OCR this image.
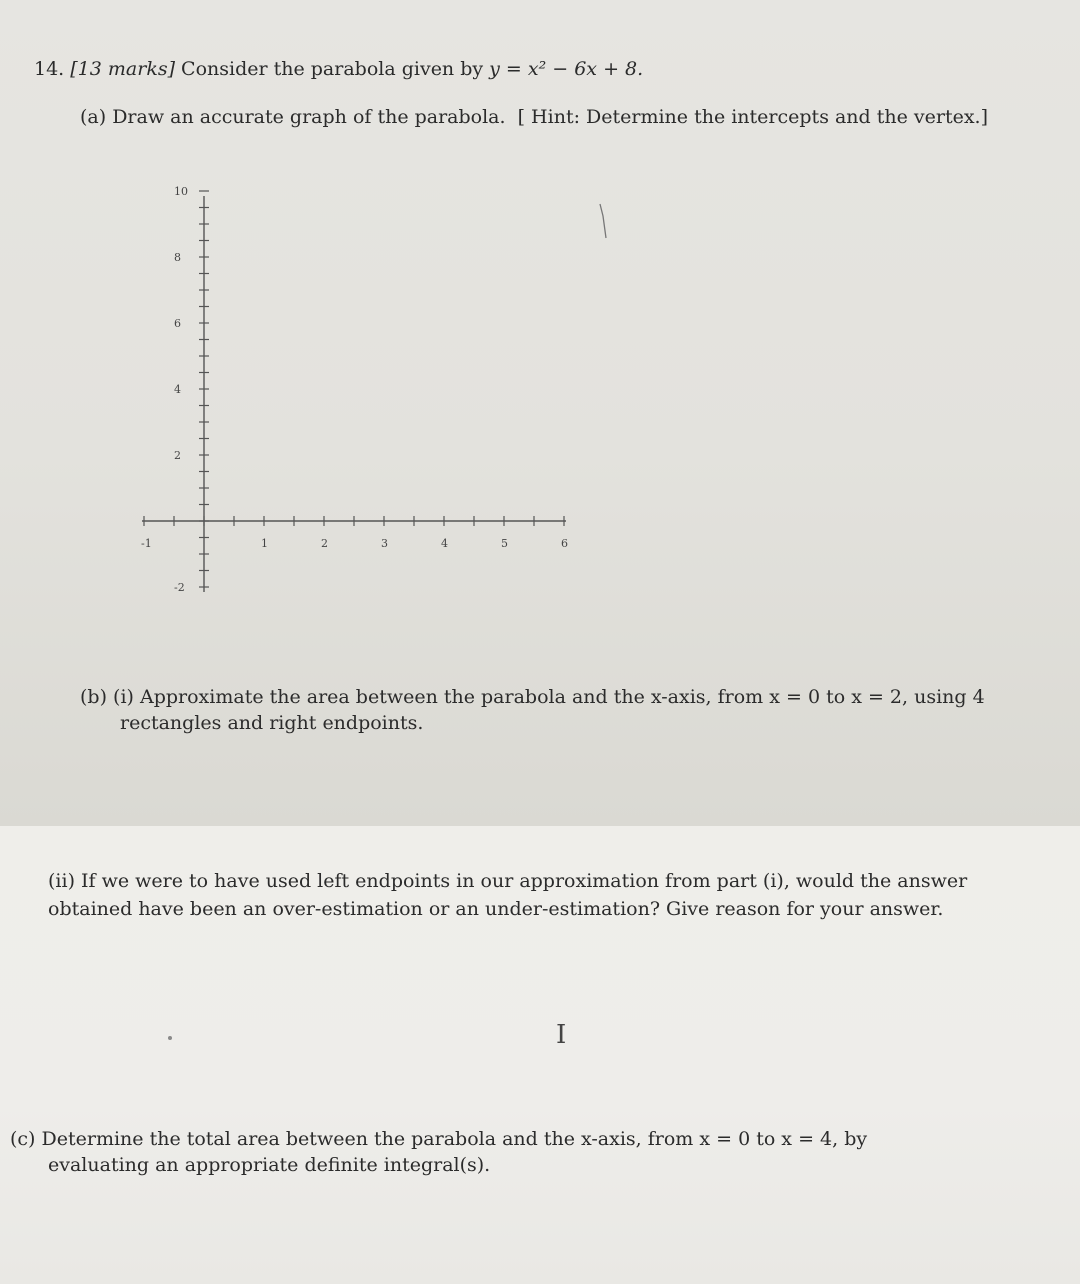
14. [13 marks] Consider the parabola given by y = x² − 6x + 8.
(a) Draw an accurate graph of the parabola. [ Hint: Determine the intercepts and the vertex.]
-1	1	2	3	4	5	6
10
8
6
4
2
-2
(b) (i) Approximate the area between the parabola and the x-axis, from x = 0 to x = 2, using 4
rectangles and right endpoints.
(ii) If we were to have used left endpoints in our approximation from part (i), would the answer
obtained have been an over-estimation or an under-estimation? Give reason for your answer.
I
(c) Determine the total area between the parabola and the x-axis, from x = 0 to x = 4, by
evaluating an appropriate definite integral(s).
